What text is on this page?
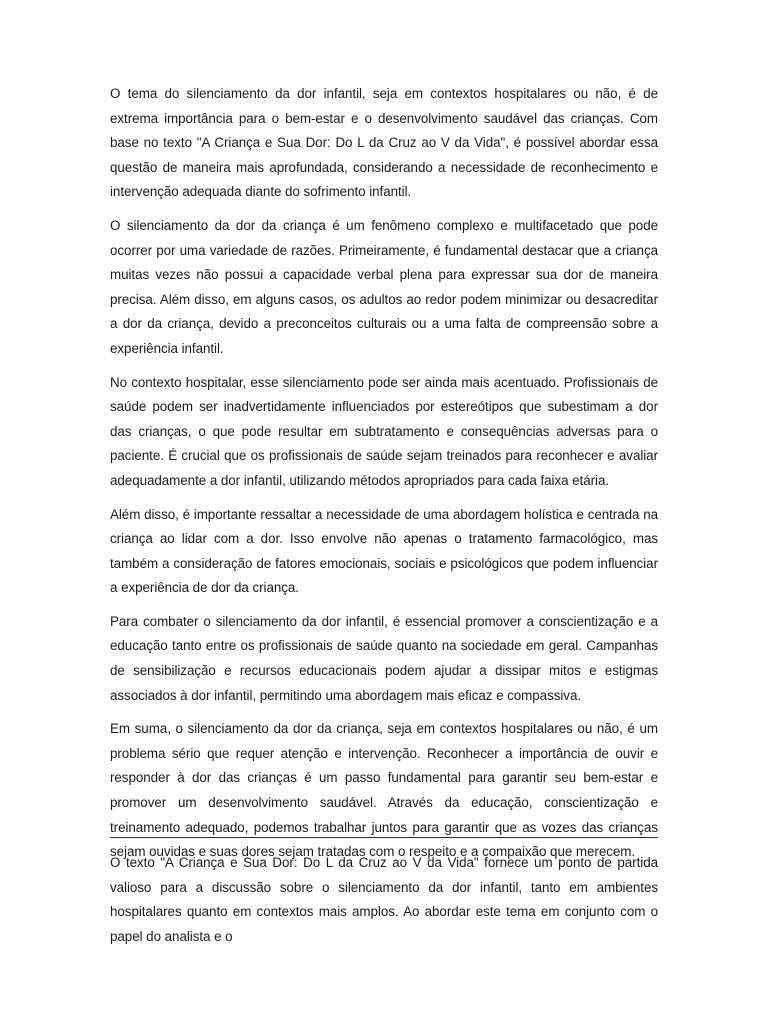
O tema do silenciamento da dor infantil, seja em contextos hospitalares ou não, é de extrema importância para o bem-estar e o desenvolvimento saudável das crianças. Com base no texto "A Criança e Sua Dor: Do L da Cruz ao V da Vida", é possível abordar essa questão de maneira mais aprofundada, considerando a necessidade de reconhecimento e intervenção adequada diante do sofrimento infantil.

O silenciamento da dor da criança é um fenômeno complexo e multifacetado que pode ocorrer por uma variedade de razões. Primeiramente, é fundamental destacar que a criança muitas vezes não possui a capacidade verbal plena para expressar sua dor de maneira precisa. Além disso, em alguns casos, os adultos ao redor podem minimizar ou desacreditar a dor da criança, devido a preconceitos culturais ou a uma falta de compreensão sobre a experiência infantil.

No contexto hospitalar, esse silenciamento pode ser ainda mais acentuado. Profissionais de saúde podem ser inadvertidamente influenciados por estereótipos que subestimam a dor das crianças, o que pode resultar em subtratamento e consequências adversas para o paciente. É crucial que os profissionais de saúde sejam treinados para reconhecer e avaliar adequadamente a dor infantil, utilizando métodos apropriados para cada faixa etária.

Além disso, é importante ressaltar a necessidade de uma abordagem holística e centrada na criança ao lidar com a dor. Isso envolve não apenas o tratamento farmacológico, mas também a consideração de fatores emocionais, sociais e psicológicos que podem influenciar a experiência de dor da criança.

Para combater o silenciamento da dor infantil, é essencial promover a conscientização e a educação tanto entre os profissionais de saúde quanto na sociedade em geral. Campanhas de sensibilização e recursos educacionais podem ajudar a dissipar mitos e estigmas associados à dor infantil, permitindo uma abordagem mais eficaz e compassiva.

Em suma, o silenciamento da dor da criança, seja em contextos hospitalares ou não, é um problema sério que requer atenção e intervenção. Reconhecer a importância de ouvir e responder à dor das crianças é um passo fundamental para garantir seu bem-estar e promover um desenvolvimento saudável. Através da educação, conscientização e treinamento adequado, podemos trabalhar juntos para garantir que as vozes das crianças sejam ouvidas e suas dores sejam tratadas com o respeito e a compaixão que merecem.

O texto "A Criança e Sua Dor: Do L da Cruz ao V da Vida" fornece um ponto de partida valioso para a discussão sobre o silenciamento da dor infantil, tanto em ambientes hospitalares quanto em contextos mais amplos. Ao abordar este tema em conjunto com o papel do analista e o
